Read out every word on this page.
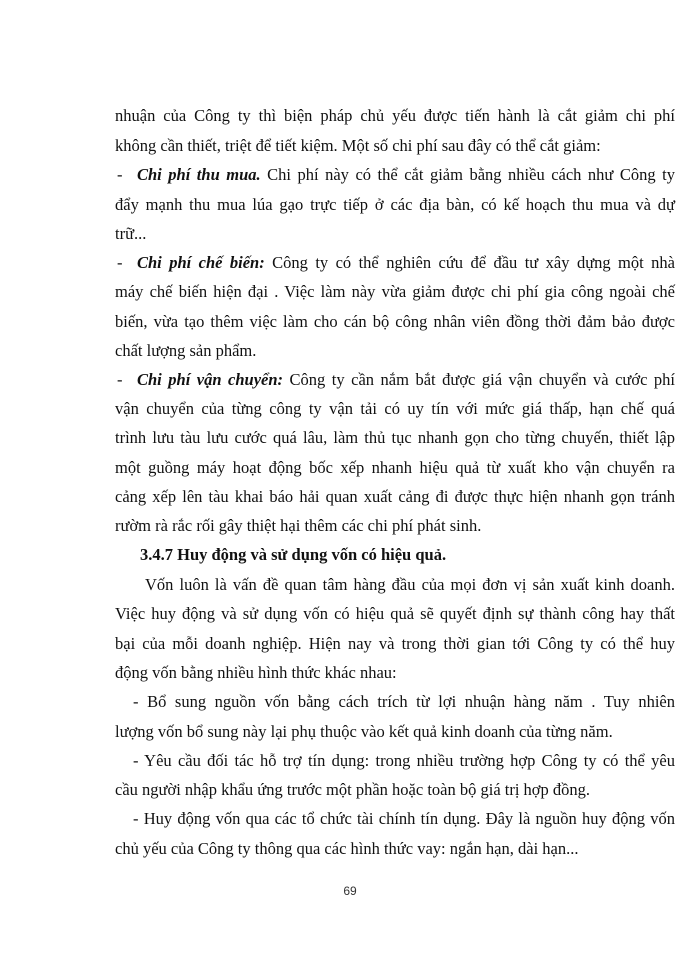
nhuận của Công ty thì biện pháp chủ yếu được tiến hành là cắt giảm chi phí
không cần thiết, triệt để tiết kiệm. Một số chi phí sau đây có thể cắt giảm:
- Chi phí thu mua. Chi phí này có thể cắt giảm bằng nhiều cách như Công ty
đẩy mạnh thu mua lúa gạo trực tiếp ở các địa bàn, có kế hoạch thu mua và dự
trữ...
- Chi phí chế biến: Công ty có thể nghiên cứu để đầu tư xây dựng một nhà
máy chế biến hiện đại . Việc làm này vừa giảm được chi phí gia công ngoài chế
biến, vừa tạo thêm việc làm cho cán bộ công nhân viên đồng thời đảm bảo được
chất lượng sản phẩm.
- Chi phí vận chuyển: Công ty cần nắm bắt được giá vận chuyển và cước phí
vận chuyển của từng công ty vận tải có uy tín với mức giá thấp, hạn chế quá
trình lưu tàu lưu cước quá lâu, làm thủ tục nhanh gọn cho từng chuyến, thiết lập
một guồng máy hoạt động bốc xếp nhanh hiệu quả từ xuất kho vận chuyển ra
cảng xếp lên tàu khai báo hải quan xuất cảng đi được thực hiện nhanh gọn tránh
rườm rà rắc rối gây thiệt hại thêm các chi phí phát sinh.
3.4.7 Huy động và sử dụng vốn có hiệu quả.
Vốn luôn là vấn đề quan tâm hàng đầu của mọi đơn vị sản xuất kinh doanh.
Việc huy động và sử dụng vốn có hiệu quả sẽ quyết định sự thành công hay thất
bại của mỗi doanh nghiệp. Hiện nay và trong thời gian tới Công ty có thể huy
động vốn bằng nhiều hình thức khác nhau:
- Bổ sung nguồn vốn bằng cách trích từ lợi nhuận hàng năm . Tuy nhiên
lượng vốn bổ sung này lại phụ thuộc vào kết quả kinh doanh của từng năm.
- Yêu cầu đối tác hỗ trợ tín dụng: trong nhiều trường hợp Công ty có thể yêu
cầu người nhập khẩu ứng trước một phần hoặc toàn bộ giá trị hợp đồng.
- Huy động vốn qua các tổ chức tài chính tín dụng. Đây là nguồn huy động vốn
chủ yếu của Công ty thông qua các hình thức vay: ngắn hạn, dài hạn...
69
